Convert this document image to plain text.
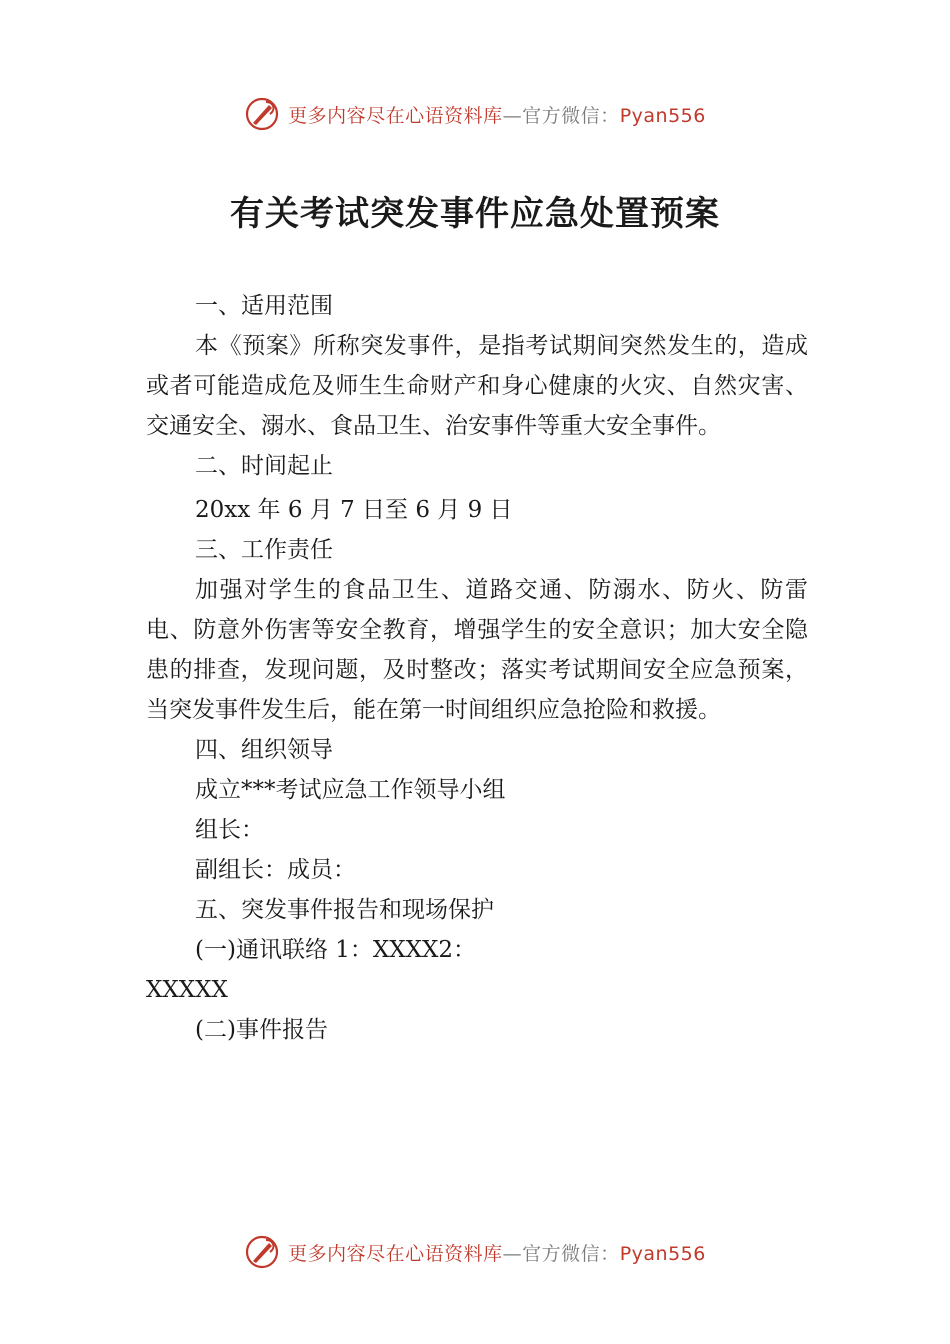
更多内容尽在心语资料库—官方微信：Pyan556
有关考试突发事件应急处置预案

一、适用范围

本《预案》所称突发事件，是指考试期间突然发生的，造成或者可能造成危及师生生命财产和身心健康的火灾、自然灾害、交通安全、溺水、食品卫生、治安事件等重大安全事件。

二、时间起止

20xx 年 6 月 7 日至 6 月 9 日

三、工作责任

加强对学生的食品卫生、道路交通、防溺水、防火、防雷电、防意外伤害等安全教育，增强学生的安全意识；加大安全隐患的排查，发现问题，及时整改；落实考试期间安全应急预案，当突发事件发生后，能在第一时间组织应急抢险和救援。

四、组织领导

成立***考试应急工作领导小组

组长：

副组长：成员：

五、突发事件报告和现场保护

(一)通讯联络 1：XXXX2：

XXXXX

(二)事件报告

更多内容尽在心语资料库—官方微信：Pyan556
